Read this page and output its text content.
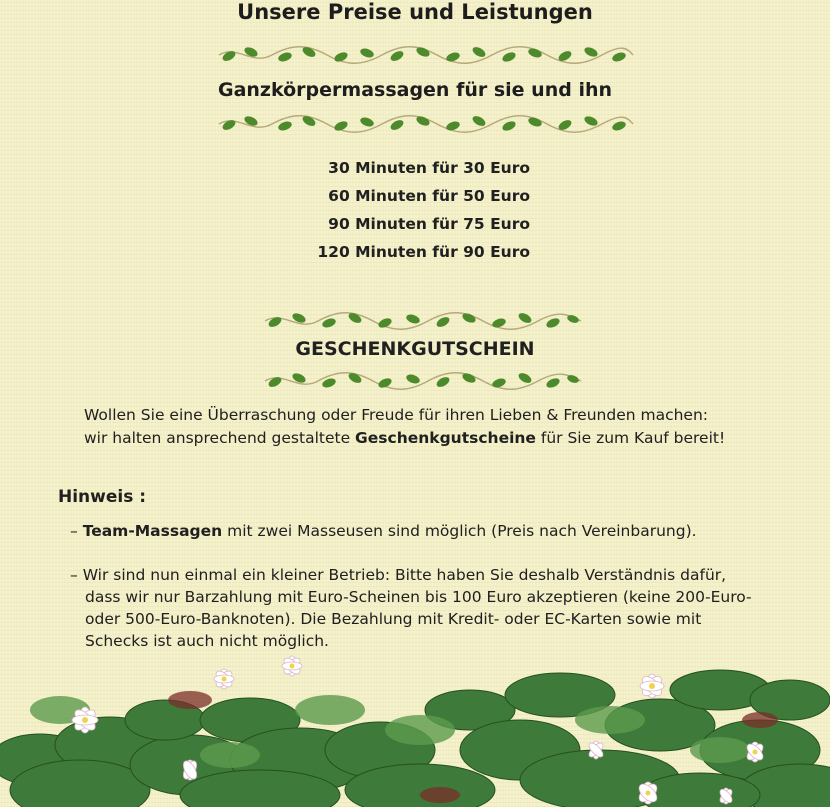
Unsere Preise und Leistungen
Ganzkörpermassagen für sie und ihn
30 Minuten für 30 Euro
60 Minuten für 50 Euro
90 Minuten für 75 Euro
120 Minuten für 90 Euro
GESCHENKGUTSCHEIN
Wollen Sie eine Überraschung oder Freude für ihren Lieben & Freunden machen:
wir halten ansprechend gestaltete Geschenkgutscheine für Sie zum Kauf bereit!
Hinweis :
– Team-Massagen mit zwei Masseusen sind möglich (Preis nach Vereinbarung).
– Wir sind nun einmal ein kleiner Betrieb: Bitte haben Sie deshalb Verständnis dafür,
dass wir nur Barzahlung mit Euro-Scheinen bis 100 Euro akzeptieren (keine 200-Euro-
oder 500-Euro-Banknoten). Die Bezahlung mit Kredit- oder EC-Karten sowie mit
Schecks ist auch nicht möglich.
